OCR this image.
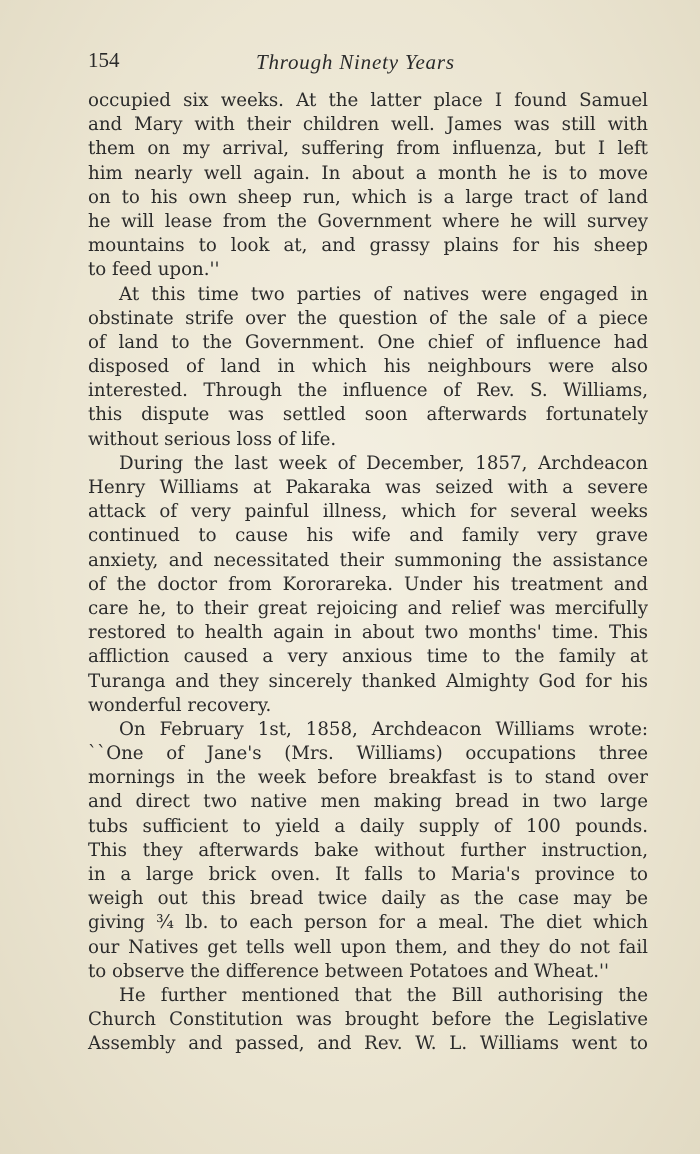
154	Through Ninety Years
occupied six weeks. At the latter place I found Samuel
and Mary with their children well. James was still with
them on my arrival, suffering from influenza, but I left
him nearly well again. In about a month he is to move
on to his own sheep run, which is a large tract of land
he will lease from the Government where he will survey
mountains to look at, and grassy plains for his sheep
to feed upon.''
At this time two parties of natives were engaged in
obstinate strife over the question of the sale of a piece
of land to the Government. One chief of influence had
disposed of land in which his neighbours were also
interested. Through the influence of Rev. S. Williams,
this dispute was settled soon afterwards fortunately
without serious loss of life.
During the last week of December, 1857, Archdeacon
Henry Williams at Pakaraka was seized with a severe
attack of very painful illness, which for several weeks
continued to cause his wife and family very grave
anxiety, and necessitated their summoning the assistance
of the doctor from Kororareka. Under his treatment and
care he, to their great rejoicing and relief was mercifully
restored to health again in about two months' time. This
affliction caused a very anxious time to the family at
Turanga and they sincerely thanked Almighty God for his
wonderful recovery.
On February 1st, 1858, Archdeacon Williams wrote:
``One of Jane's (Mrs. Williams) occupations three
mornings in the week before breakfast is to stand over
and direct two native men making bread in two large
tubs sufficient to yield a daily supply of 100 pounds.
This they afterwards bake without further instruction,
in a large brick oven. It falls to Maria's province to
weigh out this bread twice daily as the case may be
giving ¾ lb. to each person for a meal. The diet which
our Natives get tells well upon them, and they do not fail
to observe the difference between Potatoes and Wheat.''
He further mentioned that the Bill authorising the
Church Constitution was brought before the Legislative
Assembly and passed, and Rev. W. L. Williams went to
